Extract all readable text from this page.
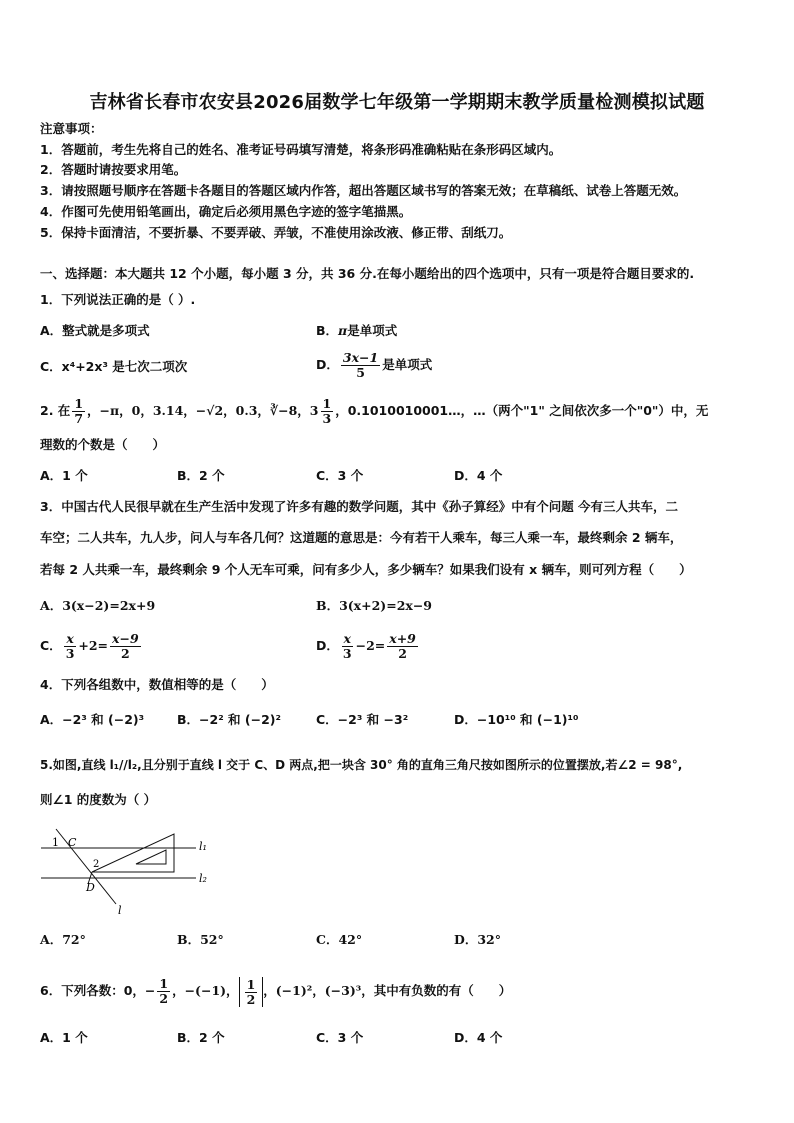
吉林省长春市农安县2026届数学七年级第一学期期末教学质量检测模拟试题
注意事项：
1．答题前，考生先将自己的姓名、准考证号码填写清楚，将条形码准确粘贴在条形码区域内。
2．答题时请按要求用笔。
3．请按照题号顺序在答题卡各题目的答题区域内作答，超出答题区域书写的答案无效；在草稿纸、试卷上答题无效。
4．作图可先使用铅笔画出，确定后必须用黑色字迹的签字笔描黑。
5．保持卡面清洁，不要折暴、不要弄破、弄皱，不准使用涂改液、修正带、刮纸刀。
一、选择题：本大题共 12 个小题，每小题 3 分，共 36 分.在每小题给出的四个选项中，只有一项是符合题目要求的.
1．下列说法正确的是（ ）.
A．整式就是多项式	B．π是单项式
C．x⁴+2x³ 是七次二项次	D． $\frac{3x-1}{5}$ 是单项式
2. 在 $\frac{1}{7}$ ，−π，0，3.14，−√2，0.3，∛−8，$3 \frac{1}{3}$ ，0.1010010001…，…（两个"1" 之间依次多一个"0"）中，无
理数的个数是（　　）
A．1 个	B．2 个	C．3 个	D．4 个
3．中国古代人民很早就在生产生活中发现了许多有趣的数学问题，其中《孙子算经》中有个问题 今有三人共车，二
车空；二人共车，九人步，问人与车各几何？这道题的意思是：今有若干人乘车，每三人乘一车，最终剩余 2 辆车，
若每 2 人共乘一车，最终剩余 9 个人无车可乘，问有多少人，多少辆车？如果我们设有 x 辆车，则可列方程（　　）
A．3(x−2)=2x+9	B．3(x+2)=2x−9
C． $\frac{x}{3} +2= \frac{x-9}{2}$	D． $\frac{x}{3} -2= \frac{x+9}{2}$
4．下列各组数中，数值相等的是（　　）
A．−2³ 和 (−2)³	B．−2² 和 (−2)²	C．−2³ 和 −3²	D．−10¹⁰ 和 (−1)¹⁰
5.如图,直线 l₁//l₂,且分别于直线 l 交于 C、D 两点,把一块含 30° 角的直角三角尺按如图所示的位置摆放,若∠2 = 98°,
则∠1 的度数为（ ）
1 C
2
D
l
l₁
l₂
A．72°	B．52°	C．42°	D．32°
6．下列各数：0，− $\frac{1}{2}$ ，−(−1)， $\frac{1}{2}$ ，(−1)²，(−3)³，其中有负数的有（　　）
A．1 个	B．2 个	C．3 个	D．4 个
